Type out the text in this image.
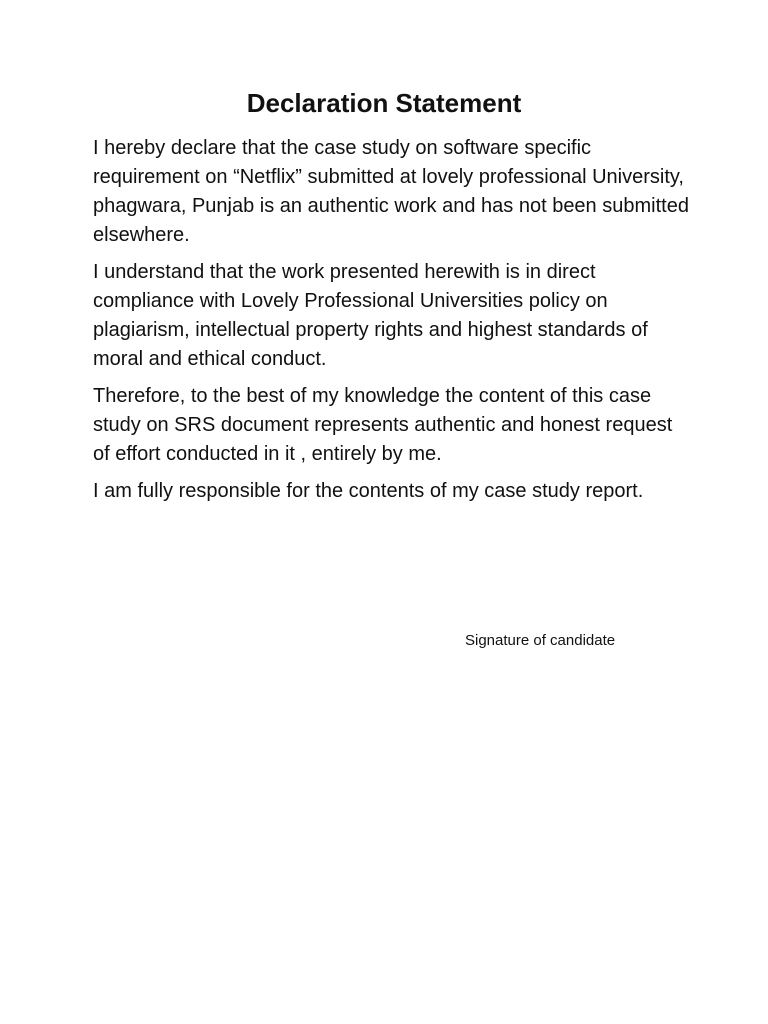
Declaration Statement

I hereby declare that the case study on software specific requirement on “Netflix” submitted at lovely professional University, phagwara, Punjab is an authentic work and has not been submitted elsewhere.

I understand that the work presented herewith is in direct compliance with Lovely Professional Universities policy on plagiarism, intellectual property rights and highest standards of moral and ethical conduct.

Therefore, to the best of my knowledge the content of this case study on SRS document represents authentic and honest request of effort conducted in it , entirely by me.

I am fully responsible for the contents of my case study report.

Signature of candidate
